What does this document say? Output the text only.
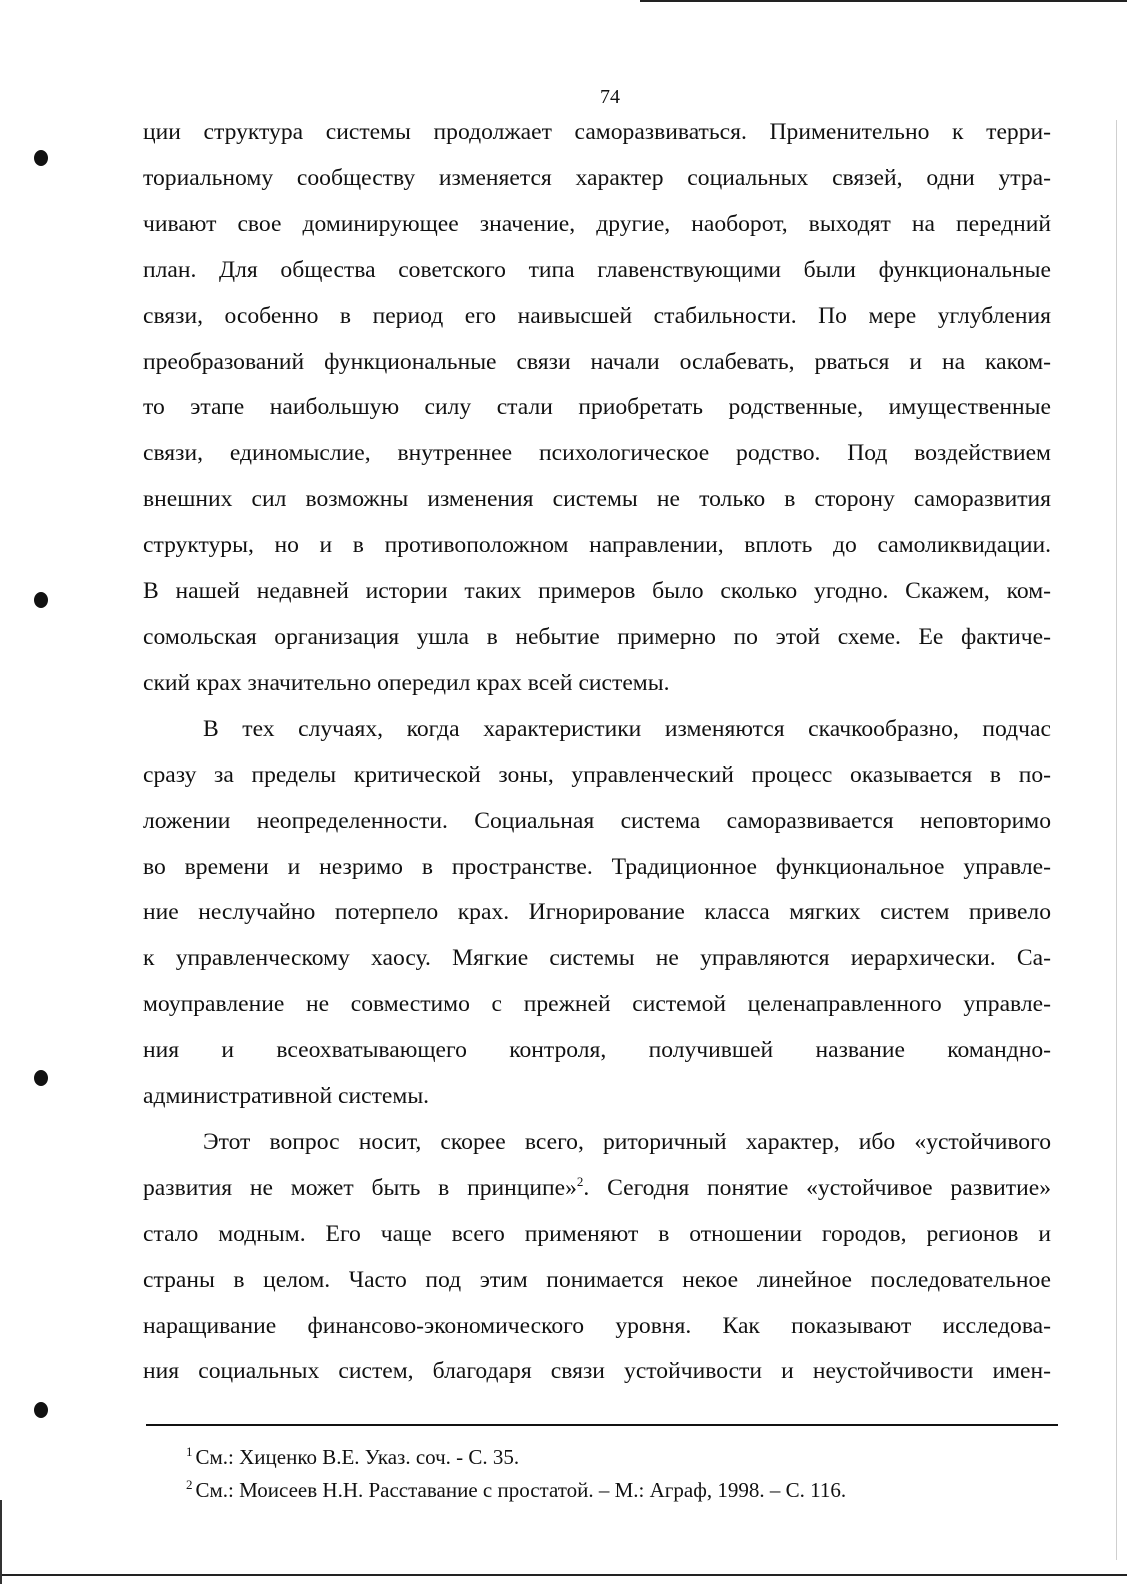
74
ции структура системы продолжает саморазвиваться. Применительно к терри-
ториальному сообществу изменяется характер социальных связей, одни утра-
чивают свое доминирующее значение, другие, наоборот, выходят на передний
план. Для общества советского типа главенствующими были функциональные
связи, особенно в период его наивысшей стабильности. По мере углубления
преобразований функциональные связи начали ослабевать, рваться и на каком-
то этапе наибольшую силу стали приобретать родственные, имущественные
связи, единомыслие, внутреннее психологическое родство. Под воздействием
внешних сил возможны изменения системы не только в сторону саморазвития
структуры, но и в противоположном направлении, вплоть до самоликвидации.
В нашей недавней истории таких примеров было сколько угодно. Скажем, ком-
сомольская организация ушла в небытие примерно по этой схеме. Ее фактиче-
ский крах значительно опередил крах всей системы.
В тех случаях, когда характеристики изменяются скачкообразно, подчас
сразу за пределы критической зоны, управленческий процесс оказывается в по-
ложении неопределенности. Социальная система саморазвивается неповторимо
во времени и незримо в пространстве. Традиционное функциональное управле-
ние неслучайно потерпело крах. Игнорирование класса мягких систем привело
к управленческому хаосу. Мягкие системы не управляются иерархически. Са-
моуправление не совместимо с прежней системой целенаправленного управле-
ния и всеохватывающего контроля, получившей название командно-
административной системы.
Этот вопрос носит, скорее всего, риторичный характер, ибо «устойчивого
развития не может быть в принципе»$^2$. Сегодня понятие «устойчивое развитие»
стало модным. Его чаще всего применяют в отношении городов, регионов и
страны в целом. Часто под этим понимается некое линейное последовательное
наращивание финансово-экономического уровня. Как показывают исследова-
ния социальных систем, благодаря связи устойчивости и неустойчивости имен-
$^1$ См.: Хиценко В.Е. Указ. соч. - С. 35.
$^2$ См.: Моисеев Н.Н. Расставание с простатой. – М.: Аграф, 1998. – С. 116.
